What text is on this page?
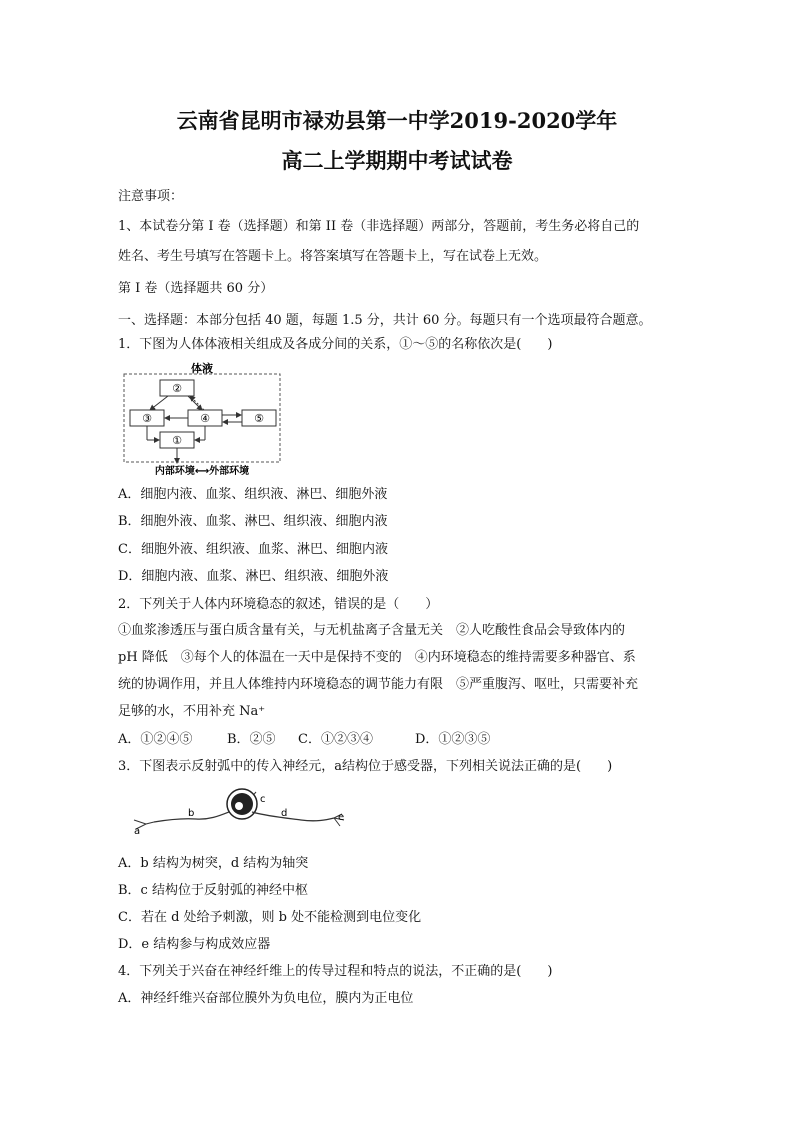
云南省昆明市禄劝县第一中学2019-2020学年
高二上学期期中考试试卷
注意事项：
1、本试卷分第 I 卷（选择题）和第 II 卷（非选择题）两部分，答题前，考生务必将自己的
姓名、考生号填写在答题卡上。将答案填写在答题卡上，写在试卷上无效。
第 I 卷（选择题共 60 分）
一、选择题：本部分包括 40 题，每题 1.5 分，共计 60 分。每题只有一个选项最符合题意。
1．下图为人体体液相关组成及各成分间的关系，①～⑤的名称依次是(　　)
体液
②
③	④	⑤
①
内部环境⟷外部环境
A．细胞内液、血浆、组织液、淋巴、细胞外液
B．细胞外液、血浆、淋巴、组织液、细胞内液
C．细胞外液、组织液、血浆、淋巴、细胞内液
D．细胞内液、血浆、淋巴、组织液、细胞外液
2．下列关于人体内环境稳态的叙述，错误的是（　　）
①血浆渗透压与蛋白质含量有关，与无机盐离子含量无关　②人吃酸性食品会导致体内的
pH 降低　③每个人的体温在一天中是保持不变的　④内环境稳态的维持需要多种器官、系
统的协调作用，并且人体维持内环境稳态的调节能力有限　⑤严重腹泻、呕吐，只需要补充
足够的水，不用补充 Na⁺
A．①②④⑤	B．②⑤ C．①②③④	D．①②③⑤
3．下图表示反射弧中的传入神经元，a结构位于感受器，下列相关说法正确的是(　　)
a
b
c
d	e
A．b 结构为树突，d 结构为轴突
B．c 结构位于反射弧的神经中枢
C．若在 d 处给予刺激，则 b 处不能检测到电位变化
D．e 结构参与构成效应器
4．下列关于兴奋在神经纤维上的传导过程和特点的说法，不正确的是(　　)
A．神经纤维兴奋部位膜外为负电位，膜内为正电位
